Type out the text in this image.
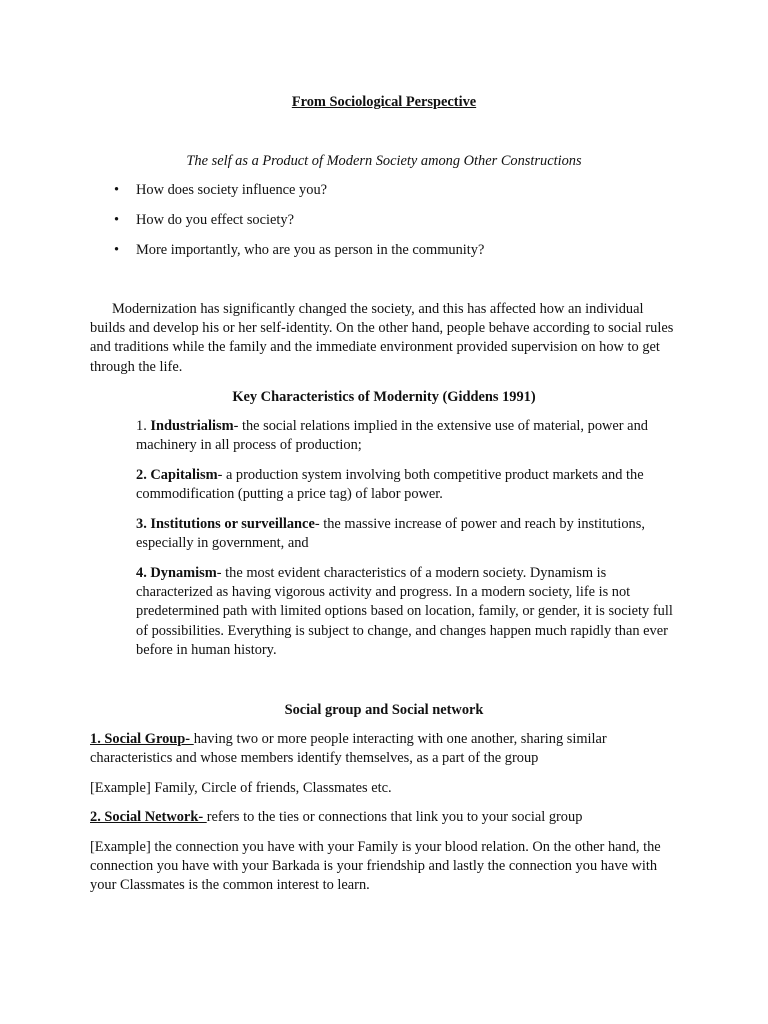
From Sociological Perspective
The self as a Product of Modern Society among Other Constructions
• How does society influence you?
• How do you effect society?
• More importantly, who are you as person in the community?
Modernization has significantly changed the society, and this has affected how an individual builds and develop his or her self-identity. On the other hand, people behave according to social rules and traditions while the family and the immediate environment provided supervision on how to get through the life.
Key Characteristics of Modernity (Giddens 1991)
1. Industrialism- the social relations implied in the extensive use of material, power and machinery in all process of production;
2. Capitalism- a production system involving both competitive product markets and the commodification (putting a price tag) of labor power.
3. Institutions or surveillance- the massive increase of power and reach by institutions, especially in government, and
4. Dynamism- the most evident characteristics of a modern society. Dynamism is characterized as having vigorous activity and progress. In a modern society, life is not predetermined path with limited options based on location, family, or gender, it is society full of possibilities. Everything is subject to change, and changes happen much rapidly than ever before in human history.
Social group and Social network
1. Social Group- having two or more people interacting with one another, sharing similar characteristics and whose members identify themselves, as a part of the group
[Example] Family, Circle of friends, Classmates etc.
2. Social Network- refers to the ties or connections that link you to your social group
[Example] the connection you have with your Family is your blood relation. On the other hand, the connection you have with your Barkada is your friendship and lastly the connection you have with your Classmates is the common interest to learn.
